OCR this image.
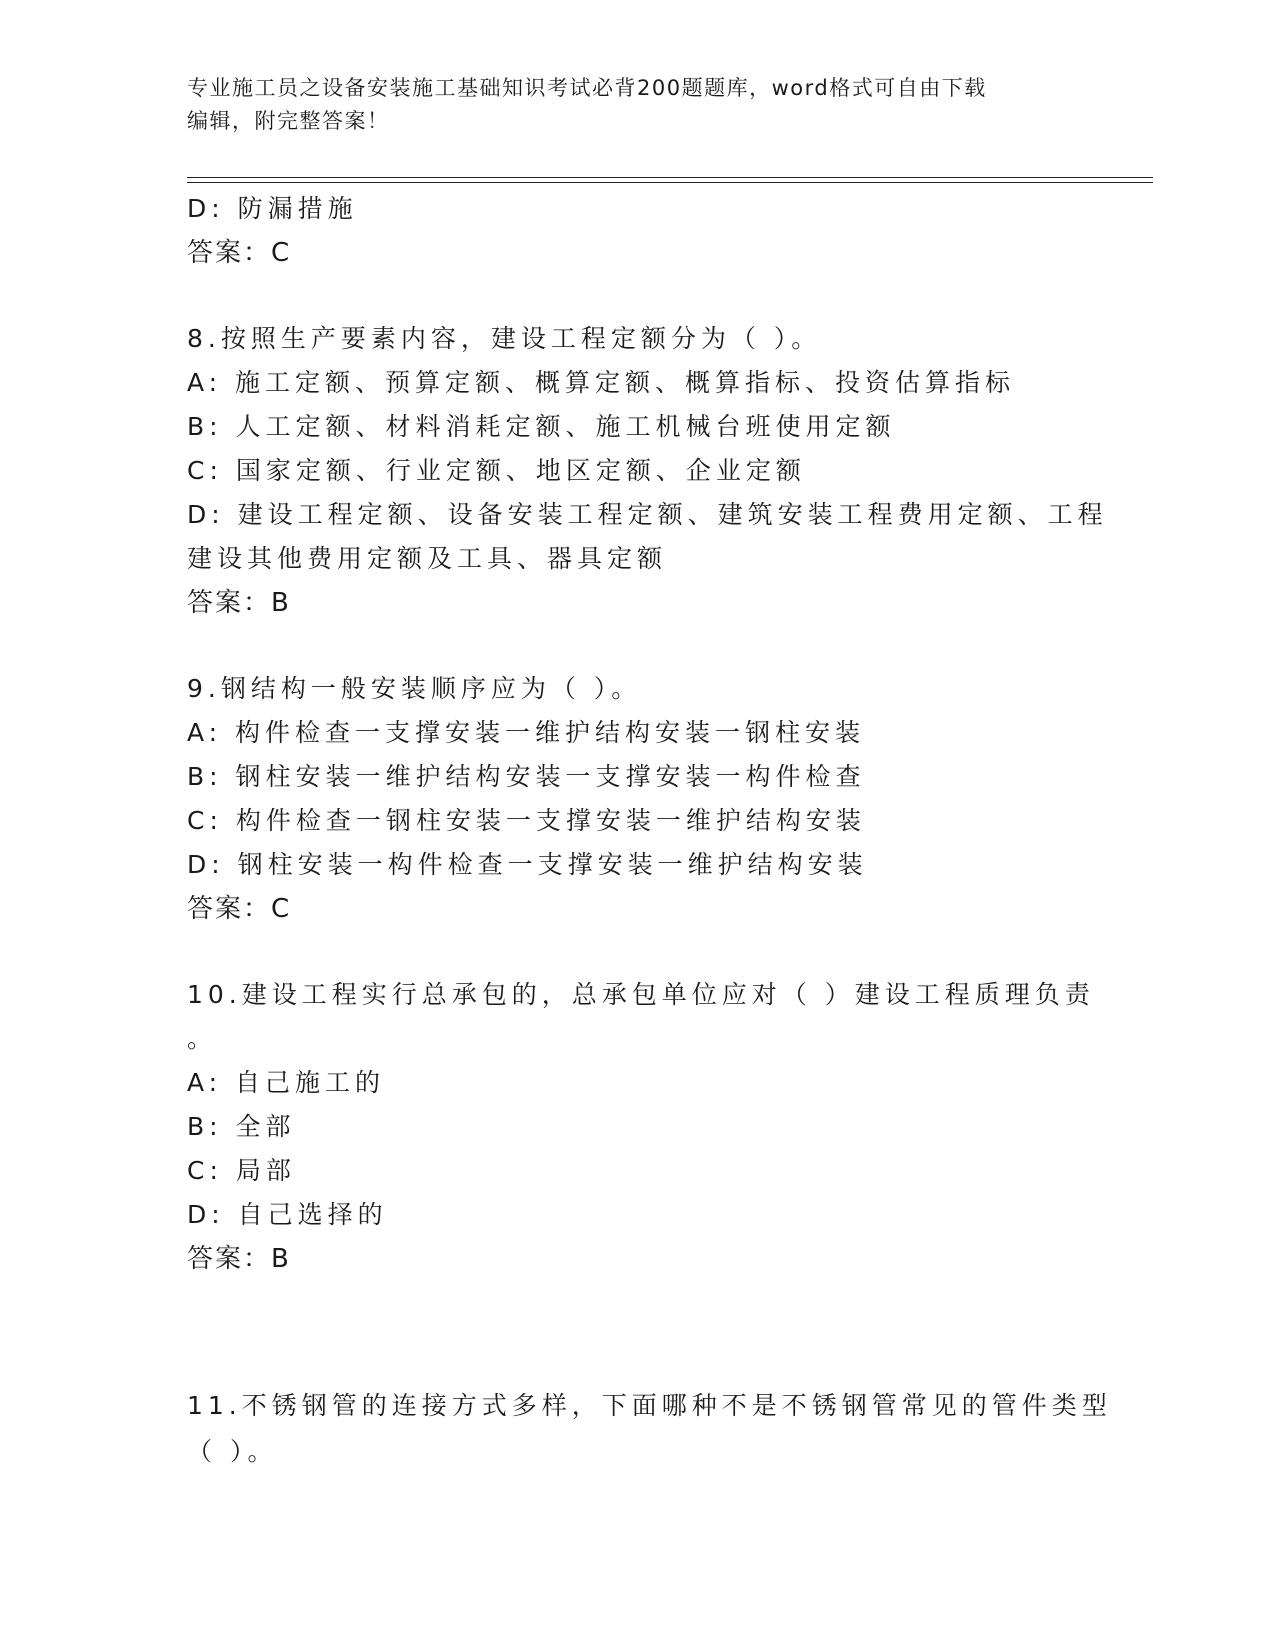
专业施工员之设备安装施工基础知识考试必背200题题库，word格式可自由下载
编辑，附完整答案！
D: 防漏措施
答案：C
8.按照生产要素内容，建设工程定额分为（ ）。
A: 施工定额、预算定额、概算定额、概算指标、投资估算指标
B: 人工定额、材料消耗定额、施工机械台班使用定额
C: 国家定额、行业定额、地区定额、企业定额
D: 建设工程定额、设备安装工程定额、建筑安装工程费用定额、工程
建设其他费用定额及工具、器具定额
答案：B
9.钢结构一般安装顺序应为（ ）。
A: 构件检查一支撑安装一维护结构安装一钢柱安装
B: 钢柱安装一维护结构安装一支撑安装一构件检查
C: 构件检查一钢柱安装一支撑安装一维护结构安装
D: 钢柱安装一构件检查一支撑安装一维护结构安装
答案：C
10.建设工程实行总承包的，总承包单位应对（ ）建设工程质理负责
。
A: 自己施工的
B: 全部
C: 局部
D: 自己选择的
答案：B
11.不锈钢管的连接方式多样，下面哪种不是不锈钢管常见的管件类型
（ ）。
